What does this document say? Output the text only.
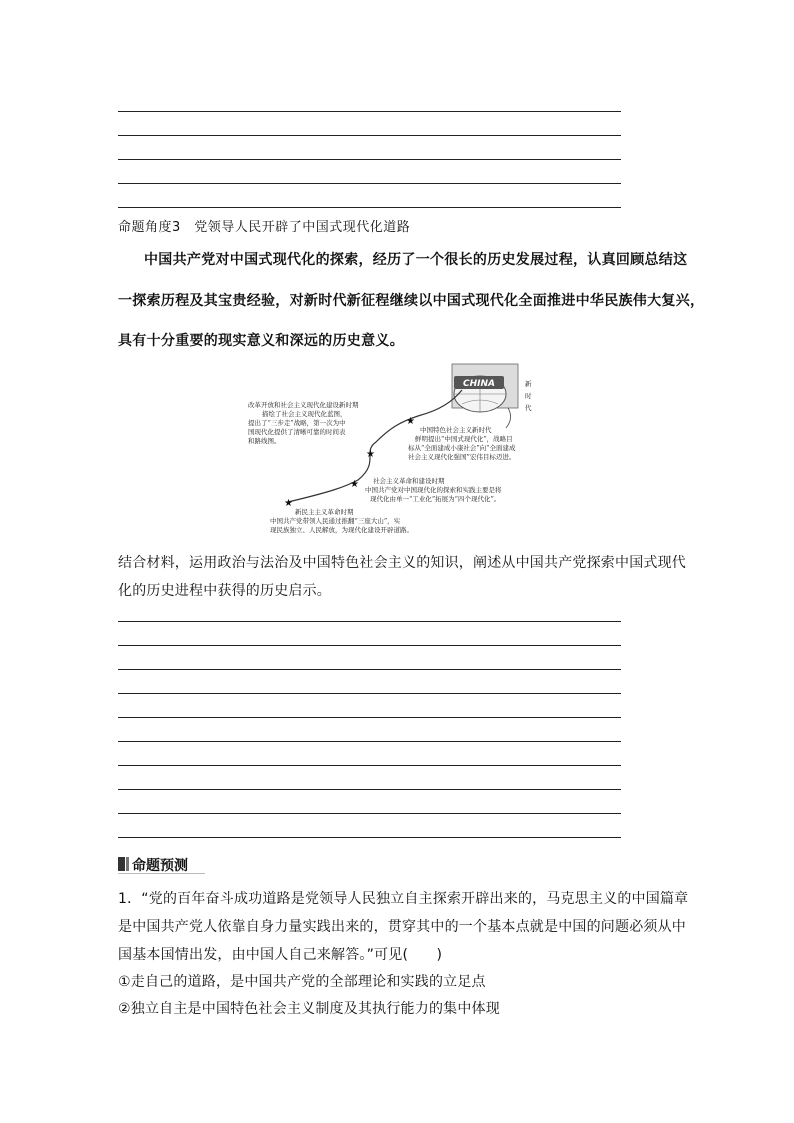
命题角度3　党领导人民开辟了中国式现代化道路
中国共产党对中国式现代化的探索，经历了一个很长的历史发展过程，认真回顾总结这
一探索历程及其宝贵经验，对新时代新征程继续以中国式现代化全面推进中华民族伟大复兴，
具有十分重要的现实意义和深远的历史意义。
CHINA	新
时
代
★
★
★
★
改革开放和社会主义现代化建设新时期
描绘了社会主义现代化蓝图，
提出了“三步走”战略，第一次为中
国现代化提供了清晰可靠的时间表
和路线图。
中国特色社会主义新时代
鲜明提出“中国式现代化”，战略目
标从“全面建成小康社会”向“全面建成
社会主义现代化强国”宏伟目标迈进。
社会主义革命和建设时期
中国共产党对中国现代化的探索和实践主要是将
现代化由单一“工业化”拓展为“四个现代化”。
新民主主义革命时期
中国共产党带领人民通过推翻“三座大山”，实
现民族独立、人民解放，为现代化建设开辟道路。
结合材料，运用政治与法治及中国特色社会主义的知识，阐述从中国共产党探索中国式现代
化的历史进程中获得的历史启示。
命题预测
1．“党的百年奋斗成功道路是党领导人民独立自主探索开辟出来的，马克思主义的中国篇章
是中国共产党人依靠自身力量实践出来的，贯穿其中的一个基本点就是中国的问题必须从中
国基本国情出发，由中国人自己来解答。”可见(　　)
①走自己的道路，是中国共产党的全部理论和实践的立足点
②独立自主是中国特色社会主义制度及其执行能力的集中体现
